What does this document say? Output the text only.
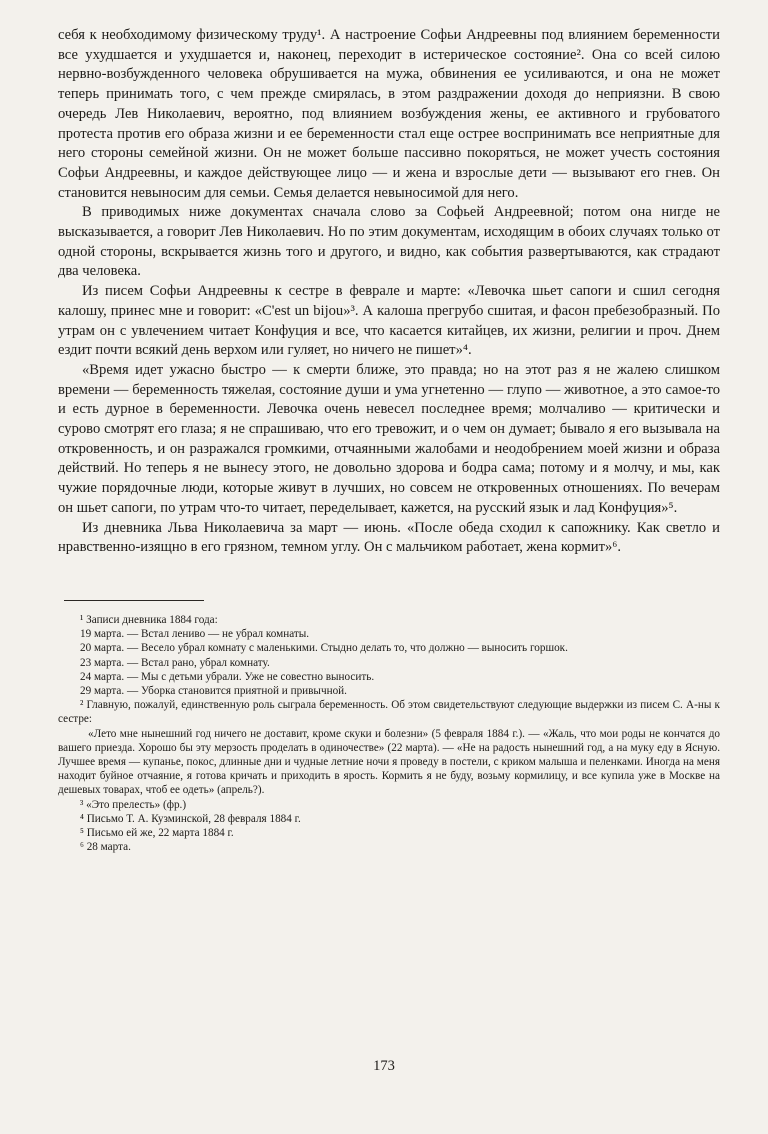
себя к необходимому физическому труду¹. А настроение Софьи Андреевны под влиянием беременности все ухудшается и ухудшается и, наконец, переходит в истерическое состояние². Она со всей силою нервно-возбужденного человека обрушивается на мужа, обвинения ее усиливаются, и она не может теперь принимать того, с чем прежде смирялась, в этом раздражении доходя до неприязни. В свою очередь Лев Николаевич, вероятно, под влиянием возбуждения жены, ее активного и грубоватого протеста против его образа жизни и ее беременности стал еще острее воспринимать все неприятные для него стороны семейной жизни. Он не может больше пассивно покоряться, не может учесть состояния Софьи Андреевны, и каждое действующее лицо — и жена и взрослые дети — вызывают его гнев. Он становится невыносим для семьи. Семья делается невыносимой для него.

В приводимых ниже документах сначала слово за Софьей Андреевной; потом она нигде не высказывается, а говорит Лев Николаевич. Но по этим документам, исходящим в обоих случаях только от одной стороны, вскрывается жизнь того и другого, и видно, как события развертываются, как страдают два человека.

Из писем Софьи Андреевны к сестре в феврале и марте: «Левочка шьет сапоги и сшил сегодня калошу, принес мне и говорит: «C'est un bijou»³. А калоша прегрубо сшитая, и фасон пребезобразный. По утрам он с увлечением читает Конфуция и все, что касается китайцев, их жизни, религии и проч. Днем ездит почти всякий день верхом или гуляет, но ничего не пишет»⁴.

«Время идет ужасно быстро — к смерти ближе, это правда; но на этот раз я не жалею слишком времени — беременность тяжелая, состояние души и ума угнетенно — глупо — животное, а это самое-то и есть дурное в беременности. Левочка очень невесел последнее время; молчаливо — критически и сурово смотрят его глаза; я не спрашиваю, что его тревожит, и о чем он думает; бывало я его вызывала на откровенность, и он разражался громкими, отчаянными жалобами и неодобрением моей жизни и образа действий. Но теперь я не вынесу этого, не довольно здорова и бодра сама; потому и я молчу, и мы, как чужие порядочные люди, которые живут в лучших, но совсем не откровенных отношениях. По вечерам он шьет сапоги, по утрам что-то читает, переделывает, кажется, на русский язык и лад Конфуция»⁵.

Из дневника Льва Николаевича за март — июнь. «После обеда сходил к сапожнику. Как светло и нравственно-изящно в его грязном, темном углу. Он с мальчиком работает, жена кормит»⁶.

¹ Записи дневника 1884 года:

19 марта. — Встал лениво — не убрал комнаты.

20 марта. — Весело убрал комнату с маленькими. Стыдно делать то, что должно — выносить горшок.

23 марта. — Встал рано, убрал комнату.

24 марта. — Мы с детьми убрали. Уже не совестно выносить.

29 марта. — Уборка становится приятной и привычной.

² Главную, пожалуй, единственную роль сыграла беременность. Об этом свидетельствуют следующие выдержки из писем С. А-ны к сестре:

«Лето мне нынешний год ничего не доставит, кроме скуки и болезни» (5 февраля 1884 г.). — «Жаль, что мои роды не кончатся до вашего приезда. Хорошо бы эту мерзость проделать в одиночестве» (22 марта). — «Не на радость нынешний год, а на муку еду в Ясную. Лучшее время — купанье, покос, длинные дни и чудные летние ночи я проведу в постели, с криком малыша и пеленками. Иногда на меня находит буйное отчаяние, я готова кричать и приходить в ярость. Кормить я не буду, возьму кормилицу, и все купила уже в Москве на дешевых товарах, чтоб ее одеть» (апрель?).

³ «Это прелесть» (фр.)

⁴ Письмо Т. А. Кузминской, 28 февраля 1884 г.

⁵ Письмо ей же, 22 марта 1884 г.

⁶ 28 марта.

173
